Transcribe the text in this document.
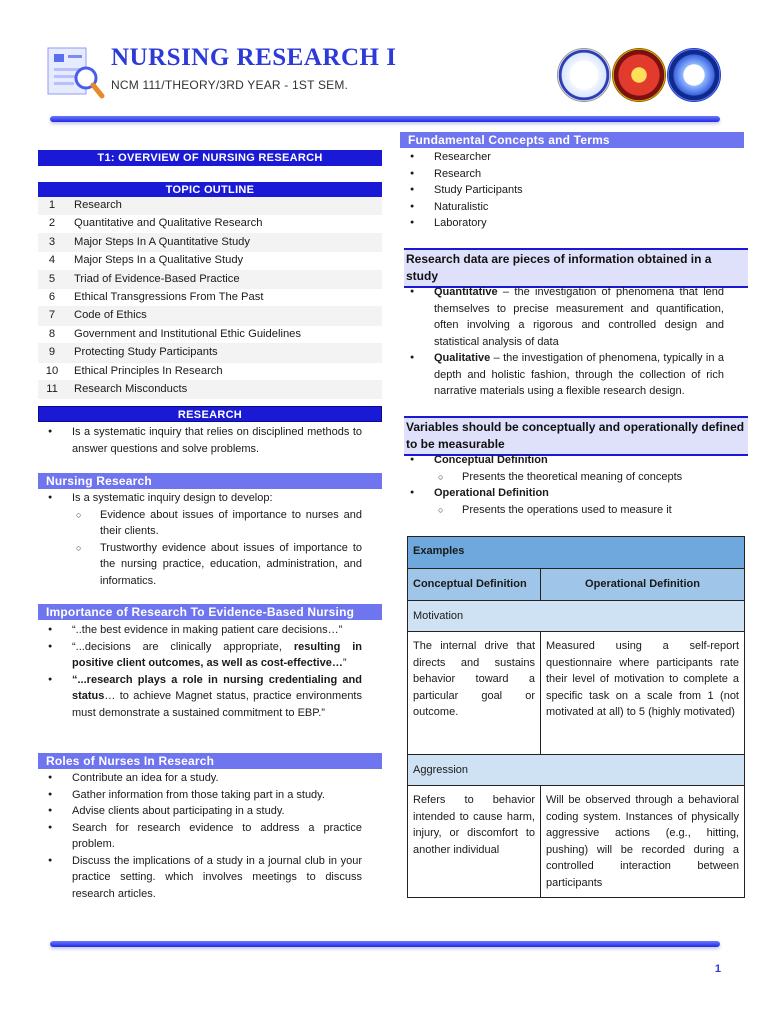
NURSING RESEARCH I
NCM 111/THEORY/3RD YEAR - 1ST SEM.
T1: OVERVIEW OF NURSING RESEARCH
TOPIC OUTLINE
1	Research
2	Quantitative and Qualitative Research
3	Major Steps In A Quantitative Study
4	Major Steps In a Qualitative Study
5	Triad of Evidence-Based Practice
6	Ethical Transgressions From The Past
7	Code of Ethics
8	Government and Institutional Ethic Guidelines
9	Protecting Study Participants
10	Ethical Principles In Research
11	Research Misconducts
RESEARCH
● Is a systematic inquiry that relies on disciplined methods to answer questions and solve problems.
Nursing Research
● Is a systematic inquiry design to develop:
○ Evidence about issues of importance to nurses and their clients.
○ Trustworthy evidence about issues of importance to the nursing practice, education, administration, and informatics.
Importance of Research To Evidence-Based Nursing
● “..the best evidence in making patient care decisions…”
● “...decisions are clinically appropriate, resulting in positive client outcomes, as well as cost-effective…”
● “...research plays a role in nursing credentialing and status… to achieve Magnet status, practice environments must demonstrate a sustained commitment to EBP.”
Roles of Nurses In Research
● Contribute an idea for a study.
● Gather information from those taking part in a study.
● Advise clients about participating in a study.
● Search for research evidence to address a practice problem.
● Discuss the implications of a study in a journal club in your practice setting. which involves meetings to discuss research articles.
Fundamental Concepts and Terms
● Researcher
● Research
● Study Participants
● Naturalistic
● Laboratory
Research data are pieces of information obtained in a study
● Quantitative – the investigation of phenomena that lend themselves to precise measurement and quantification, often involving a rigorous and controlled design and statistical analysis of data
● Qualitative – the investigation of phenomena, typically in a depth and holistic fashion, through the collection of rich narrative materials using a flexible research design.
Variables should be conceptually and operationally defined to be measurable
● Conceptual Definition
○ Presents the theoretical meaning of concepts
● Operational Definition
○ Presents the operations used to measure it
Examples	
Conceptual Definition	Operational Definition
Motivation	
The internal drive that directs and sustains behavior toward a particular goal or outcome.	Measured using a self-report questionnaire where participants rate their level of motivation to complete a specific task on a scale from 1 (not motivated at all) to 5 (highly motivated)
Aggression	
Refers to behavior intended to cause harm, injury, or discomfort to another individual	Will be observed through a behavioral coding system. Instances of physically aggressive actions (e.g., hitting, pushing) will be recorded during a controlled interaction between participants
1
